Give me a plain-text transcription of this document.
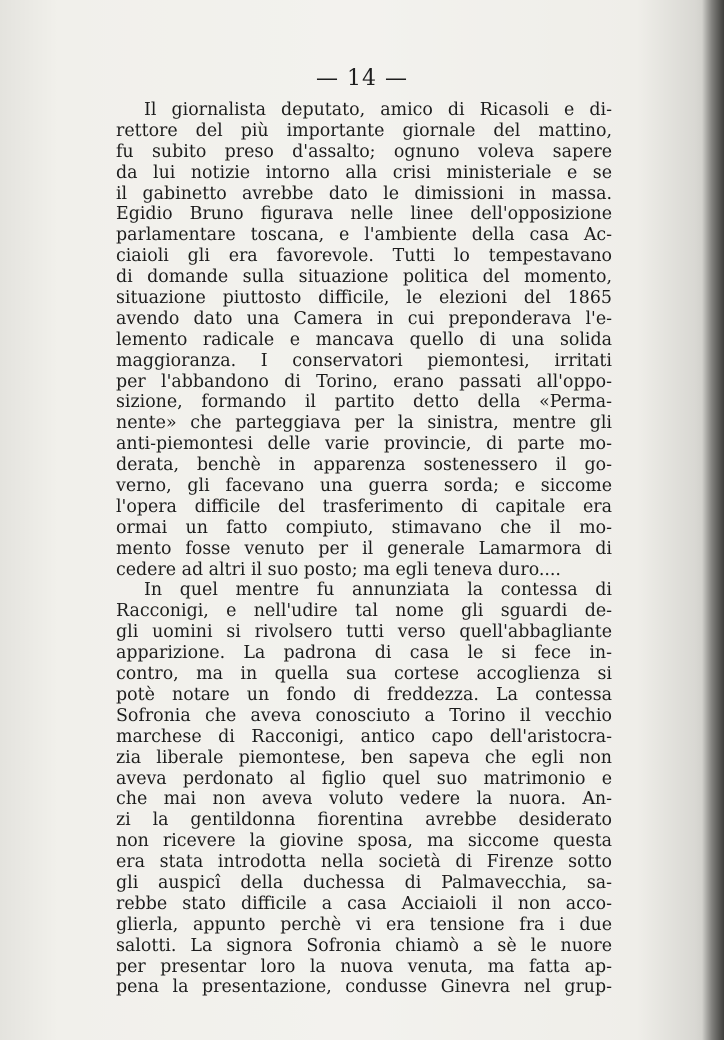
— 14 —
Il giornalista deputato, amico di Ricasoli e di-
rettore del più importante giornale del mattino,
fu subito preso d'assalto; ognuno voleva sapere
da lui notizie intorno alla crisi ministeriale e se
il gabinetto avrebbe dato le dimissioni in massa.
Egidio Bruno figurava nelle linee dell'opposizione
parlamentare toscana, e l'ambiente della casa Ac-
ciaioli gli era favorevole. Tutti lo tempestavano
di domande sulla situazione politica del momento,
situazione piuttosto difficile, le elezioni del 1865
avendo dato una Camera in cui preponderava l'e-
lemento radicale e mancava quello di una solida
maggioranza. I conservatori piemontesi, irritati
per l'abbandono di Torino, erano passati all'oppo-
sizione, formando il partito detto della «Perma-
nente» che parteggiava per la sinistra, mentre gli
anti-piemontesi delle varie provincie, di parte mo-
derata, benchè in apparenza sostenessero il go-
verno, gli facevano una guerra sorda; e siccome
l'opera difficile del trasferimento di capitale era
ormai un fatto compiuto, stimavano che il mo-
mento fosse venuto per il generale Lamarmora di
cedere ad altri il suo posto; ma egli teneva duro....
In quel mentre fu annunziata la contessa di
Racconigi, e nell'udire tal nome gli sguardi de-
gli uomini si rivolsero tutti verso quell'abbagliante
apparizione. La padrona di casa le si fece in-
contro, ma in quella sua cortese accoglienza si
potè notare un fondo di freddezza. La contessa
Sofronia che aveva conosciuto a Torino il vecchio
marchese di Racconigi, antico capo dell'aristocra-
zia liberale piemontese, ben sapeva che egli non
aveva perdonato al figlio quel suo matrimonio e
che mai non aveva voluto vedere la nuora. An-
zi la gentildonna fiorentina avrebbe desiderato
non ricevere la giovine sposa, ma siccome questa
era stata introdotta nella società di Firenze sotto
gli auspicî della duchessa di Palmavecchia, sa-
rebbe stato difficile a casa Acciaioli il non acco-
glierla, appunto perchè vi era tensione fra i due
salotti. La signora Sofronia chiamò a sè le nuore
per presentar loro la nuova venuta, ma fatta ap-
pena la presentazione, condusse Ginevra nel grup-
